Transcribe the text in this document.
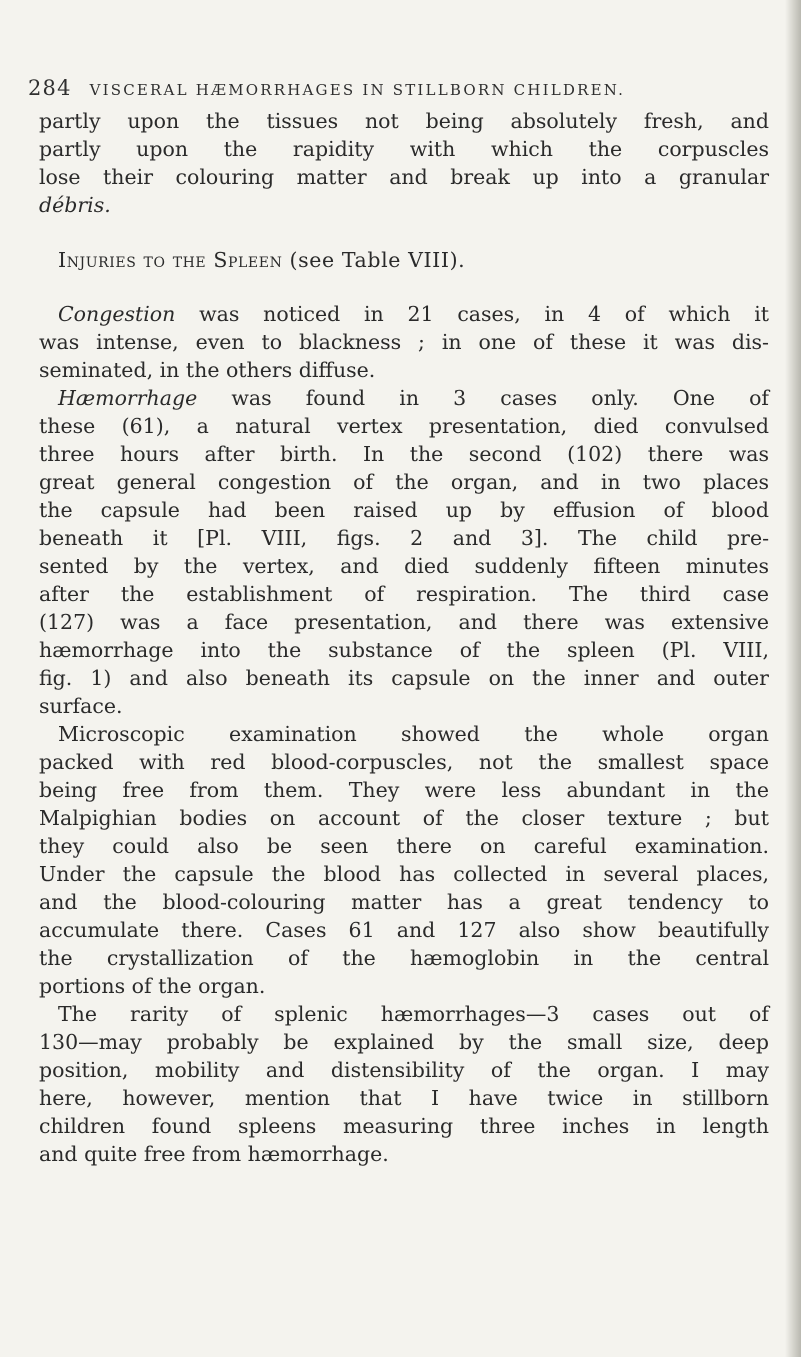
284 VISCERAL HÆMORRHAGES IN STILLBORN CHILDREN.
partly upon the tissues not being absolutely fresh, and
partly upon the rapidity with which the corpuscles
lose their colouring matter and break up into a granular
débris.
Injuries to the Spleen (see Table VIII).
Congestion was noticed in 21 cases, in 4 of which it
was intense, even to blackness ; in one of these it was dis-
seminated, in the others diffuse.
Hæmorrhage was found in 3 cases only. One of
these (61), a natural vertex presentation, died convulsed
three hours after birth. In the second (102) there was
great general congestion of the organ, and in two places
the capsule had been raised up by effusion of blood
beneath it [Pl. VIII, figs. 2 and 3]. The child pre-
sented by the vertex, and died suddenly fifteen minutes
after the establishment of respiration. The third case
(127) was a face presentation, and there was extensive
hæmorrhage into the substance of the spleen (Pl. VIII,
fig. 1) and also beneath its capsule on the inner and outer
surface.
Microscopic examination showed the whole organ
packed with red blood-corpuscles, not the smallest space
being free from them. They were less abundant in the
Malpighian bodies on account of the closer texture ; but
they could also be seen there on careful examination.
Under the capsule the blood has collected in several places,
and the blood-colouring matter has a great tendency to
accumulate there. Cases 61 and 127 also show beautifully
the crystallization of the hæmoglobin in the central
portions of the organ.
The rarity of splenic hæmorrhages—3 cases out of
130—may probably be explained by the small size, deep
position, mobility and distensibility of the organ. I may
here, however, mention that I have twice in stillborn
children found spleens measuring three inches in length
and quite free from hæmorrhage.
